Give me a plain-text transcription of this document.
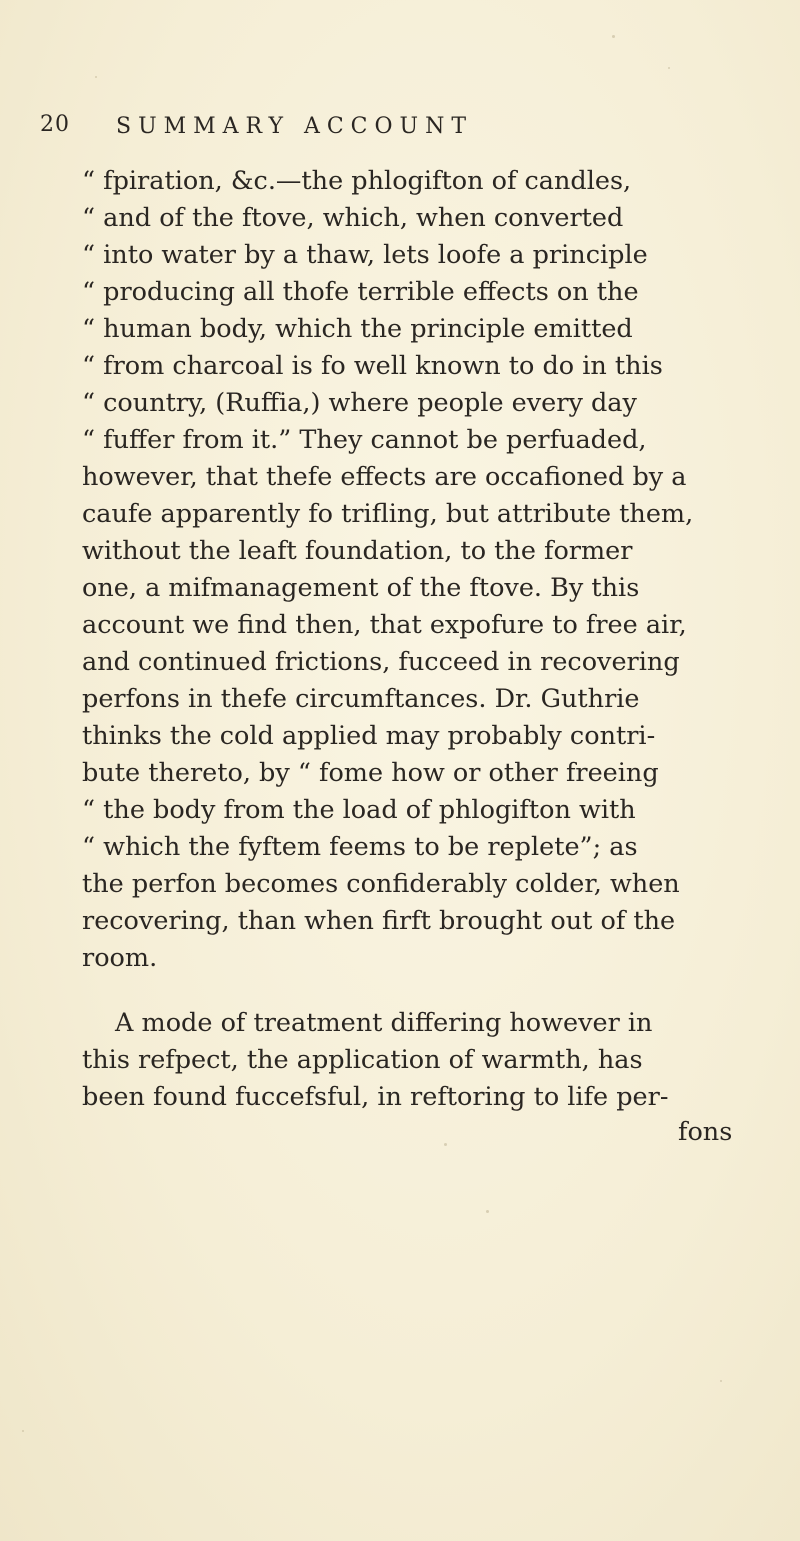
20 SUMMARY ACCOUNT
“ fpiration, &c.—the phlogifton of candles,
“ and of the ftove, which, when converted
“ into water by a thaw, lets loofe a principle
“ producing all thofe terrible effects on the
“ human body, which the principle emitted
“ from charcoal is fo well known to do in this
“ country, (Ruffia,) where people every day
“ fuffer from it.” They cannot be perfuaded,
however, that thefe effects are occafioned by a
caufe apparently fo trifling, but attribute them,
without the leaft foundation, to the former
one, a mifmanagement of the ftove. By this
account we find then, that expofure to free air,
and continued frictions, fucceed in recovering
perfons in thefe circumftances. Dr. Guthrie
thinks the cold applied may probably contri-
bute thereto, by “ fome how or other freeing
“ the body from the load of phlogifton with
“ which the fyftem feems to be replete”; as
the perfon becomes confiderably colder, when
recovering, than when firft brought out of the
room.
A mode of treatment differing however in
this refpect, the application of warmth, has
been found fuccefsful, in reftoring to life per-
fons
